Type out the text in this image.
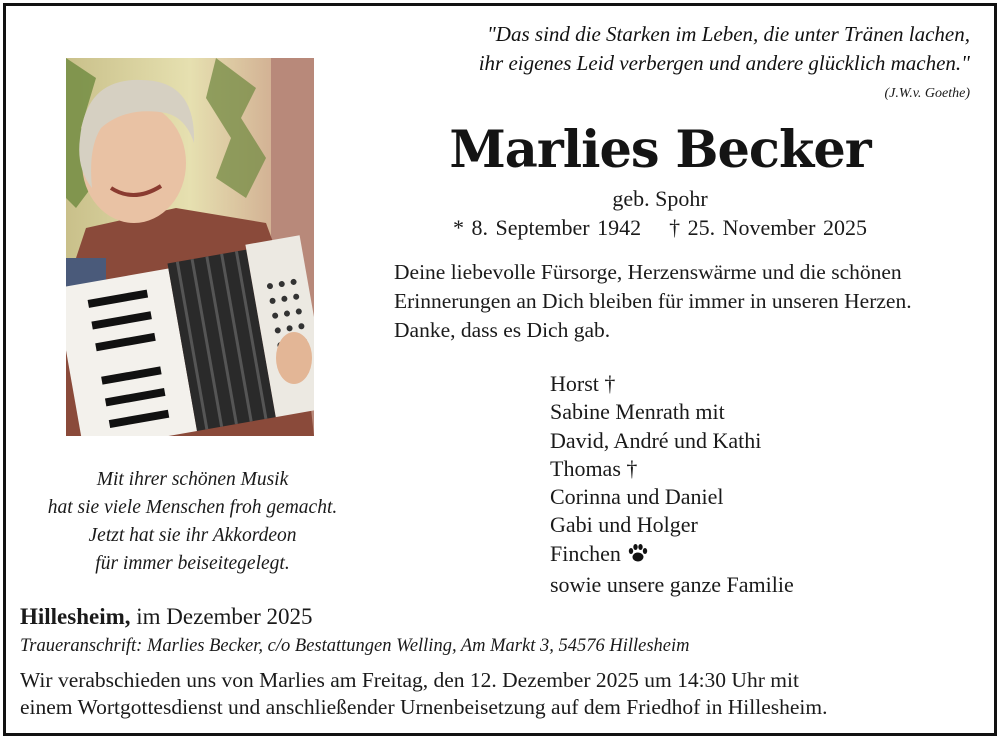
"Das sind die Starken im Leben, die unter Tränen lachen,
ihr eigenes Leid verbergen und andere glücklich machen."
(J.W.v. Goethe)
Marlies Becker
geb. Spohr
* 8. September 1942 † 25. November 2025
Deine liebevolle Fürsorge, Herzenswärme und die schönen
Erinnerungen an Dich bleiben für immer in unseren Herzen.
Danke, dass es Dich gab.
Horst †
Sabine Menrath mit
David, André und Kathi
Thomas †
Corinna und Daniel
Gabi und Holger
Finchen
sowie unsere ganze Familie
Mit ihrer schönen Musik
hat sie viele Menschen froh gemacht.
Jetzt hat sie ihr Akkordeon
für immer beiseitegelegt.
Hillesheim, im Dezember 2025
Traueranschrift: Marlies Becker, c/o Bestattungen Welling, Am Markt 3, 54576 Hillesheim
Wir verabschieden uns von Marlies am Freitag, den 12. Dezember 2025 um 14:30 Uhr mit
einem Wortgottesdienst und anschließender Urnenbeisetzung auf dem Friedhof in Hillesheim.
